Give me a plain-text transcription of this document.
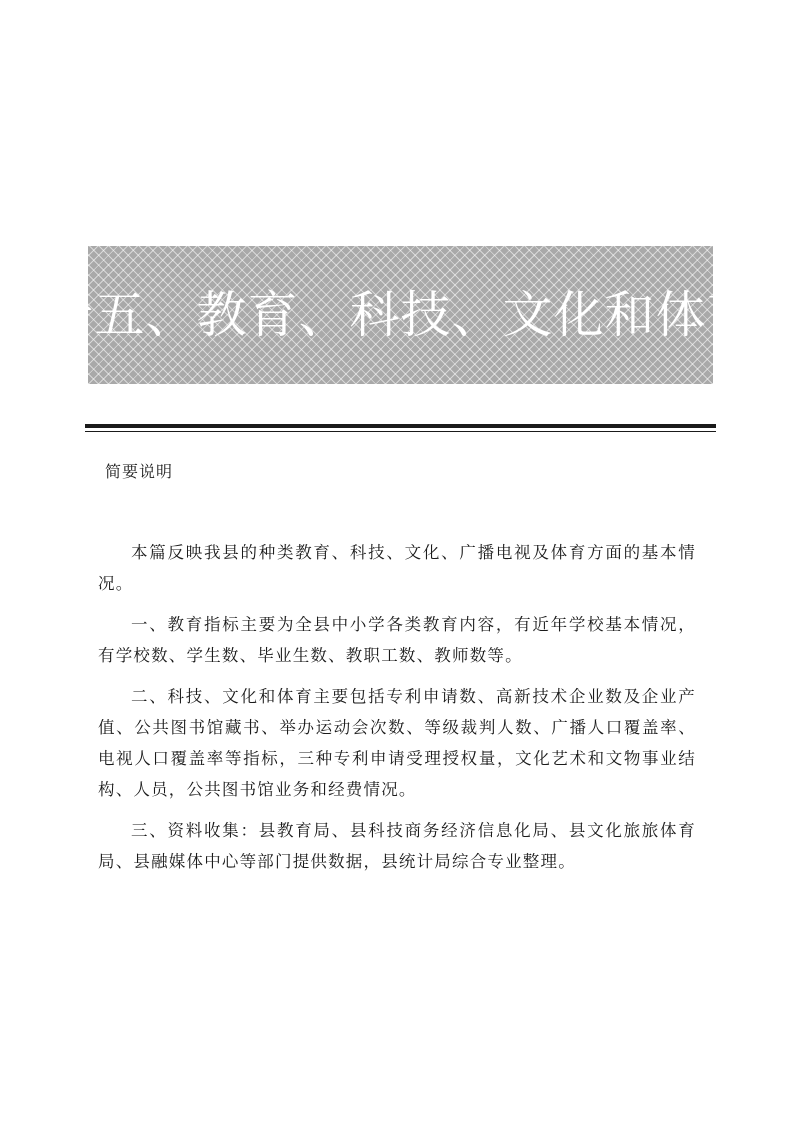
十五、教育、科技、文化和体育
简要说明

本篇反映我县的种类教育、科技、文化、广播电视及体育方面的基本情况。

一、教育指标主要为全县中小学各类教育内容，有近年学校基本情况，有学校数、学生数、毕业生数、教职工数、教师数等。

二、科技、文化和体育主要包括专利申请数、高新技术企业数及企业产值、公共图书馆藏书、举办运动会次数、等级裁判人数、广播人口覆盖率、电视人口覆盖率等指标，三种专利申请受理授权量，文化艺术和文物事业结构、人员，公共图书馆业务和经费情况。

三、资料收集：县教育局、县科技商务经济信息化局、县文化旅旅体育局、县融媒体中心等部门提供数据，县统计局综合专业整理。
